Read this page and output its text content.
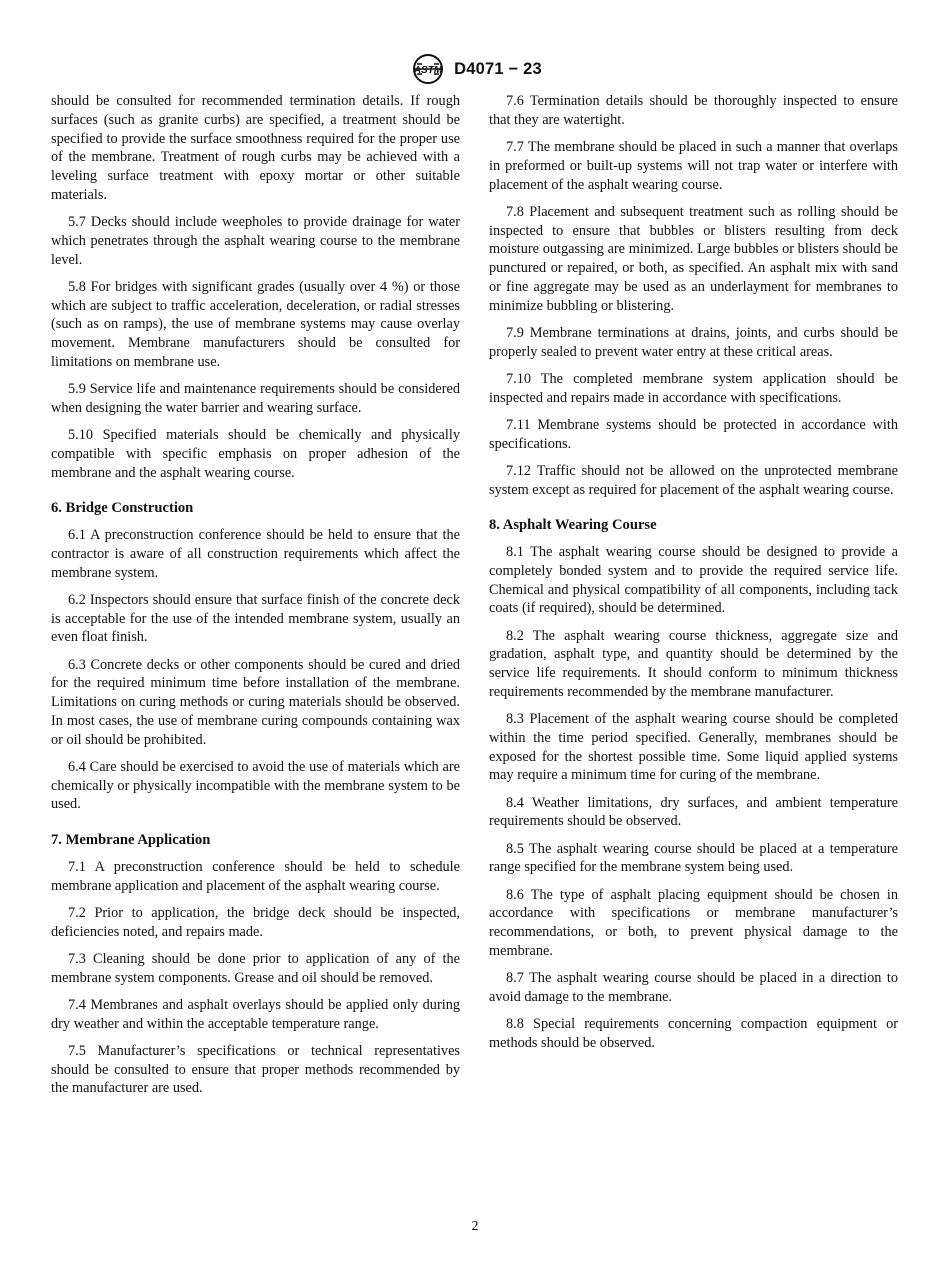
ASTM D4071 − 23

should be consulted for recommended termination details. If rough surfaces (such as granite curbs) are specified, a treatment should be specified to provide the surface smoothness required for the proper use of the membrane. Treatment of rough curbs may be achieved with a leveling surface treatment with epoxy mortar or other suitable materials.

5.7 Decks should include weepholes to provide drainage for water which penetrates through the asphalt wearing course to the membrane level.

5.8 For bridges with significant grades (usually over 4 %) or those which are subject to traffic acceleration, deceleration, or radial stresses (such as on ramps), the use of membrane systems may cause overlay movement. Membrane manufacturers should be consulted for limitations on membrane use.

5.9 Service life and maintenance requirements should be considered when designing the water barrier and wearing surface.

5.10 Specified materials should be chemically and physically compatible with specific emphasis on proper adhesion of the membrane and the asphalt wearing course.

6. Bridge Construction

6.1 A preconstruction conference should be held to ensure that the contractor is aware of all construction requirements which affect the membrane system.

6.2 Inspectors should ensure that surface finish of the concrete deck is acceptable for the use of the intended membrane system, usually an even float finish.

6.3 Concrete decks or other components should be cured and dried for the required minimum time before installation of the membrane. Limitations on curing methods or curing materials should be observed. In most cases, the use of membrane curing compounds containing wax or oil should be prohibited.

6.4 Care should be exercised to avoid the use of materials which are chemically or physically incompatible with the membrane system to be used.

7. Membrane Application

7.1 A preconstruction conference should be held to schedule membrane application and placement of the asphalt wearing course.

7.2 Prior to application, the bridge deck should be inspected, deficiencies noted, and repairs made.

7.3 Cleaning should be done prior to application of any of the membrane system components. Grease and oil should be removed.

7.4 Membranes and asphalt overlays should be applied only during dry weather and within the acceptable temperature range.

7.5 Manufacturer’s specifications or technical representatives should be consulted to ensure that proper methods recommended by the manufacturer are used.

7.6 Termination details should be thoroughly inspected to ensure that they are watertight.

7.7 The membrane should be placed in such a manner that overlaps in preformed or built-up systems will not trap water or interfere with placement of the asphalt wearing course.

7.8 Placement and subsequent treatment such as rolling should be inspected to ensure that bubbles or blisters resulting from deck moisture outgassing are minimized. Large bubbles or blisters should be punctured or repaired, or both, as specified. An asphalt mix with sand or fine aggregate may be used as an underlayment for membranes to minimize bubbling or blistering.

7.9 Membrane terminations at drains, joints, and curbs should be properly sealed to prevent water entry at these critical areas.

7.10 The completed membrane system application should be inspected and repairs made in accordance with specifications.

7.11 Membrane systems should be protected in accordance with specifications.

7.12 Traffic should not be allowed on the unprotected membrane system except as required for placement of the asphalt wearing course.

8. Asphalt Wearing Course

8.1 The asphalt wearing course should be designed to provide a completely bonded system and to provide the required service life. Chemical and physical compatibility of all components, including tack coats (if required), should be determined.

8.2 The asphalt wearing course thickness, aggregate size and gradation, asphalt type, and quantity should be determined by the service life requirements. It should conform to minimum thickness requirements recommended by the membrane manufacturer.

8.3 Placement of the asphalt wearing course should be completed within the time period specified. Generally, membranes should be exposed for the shortest possible time. Some liquid applied systems may require a minimum time for curing of the membrane.

8.4 Weather limitations, dry surfaces, and ambient temperature requirements should be observed.

8.5 The asphalt wearing course should be placed at a temperature range specified for the membrane system being used.

8.6 The type of asphalt placing equipment should be chosen in accordance with specifications or membrane manufacturer’s recommendations, or both, to prevent physical damage to the membrane.

8.7 The asphalt wearing course should be placed in a direction to avoid damage to the membrane.

8.8 Special requirements concerning compaction equipment or methods should be observed.

2
